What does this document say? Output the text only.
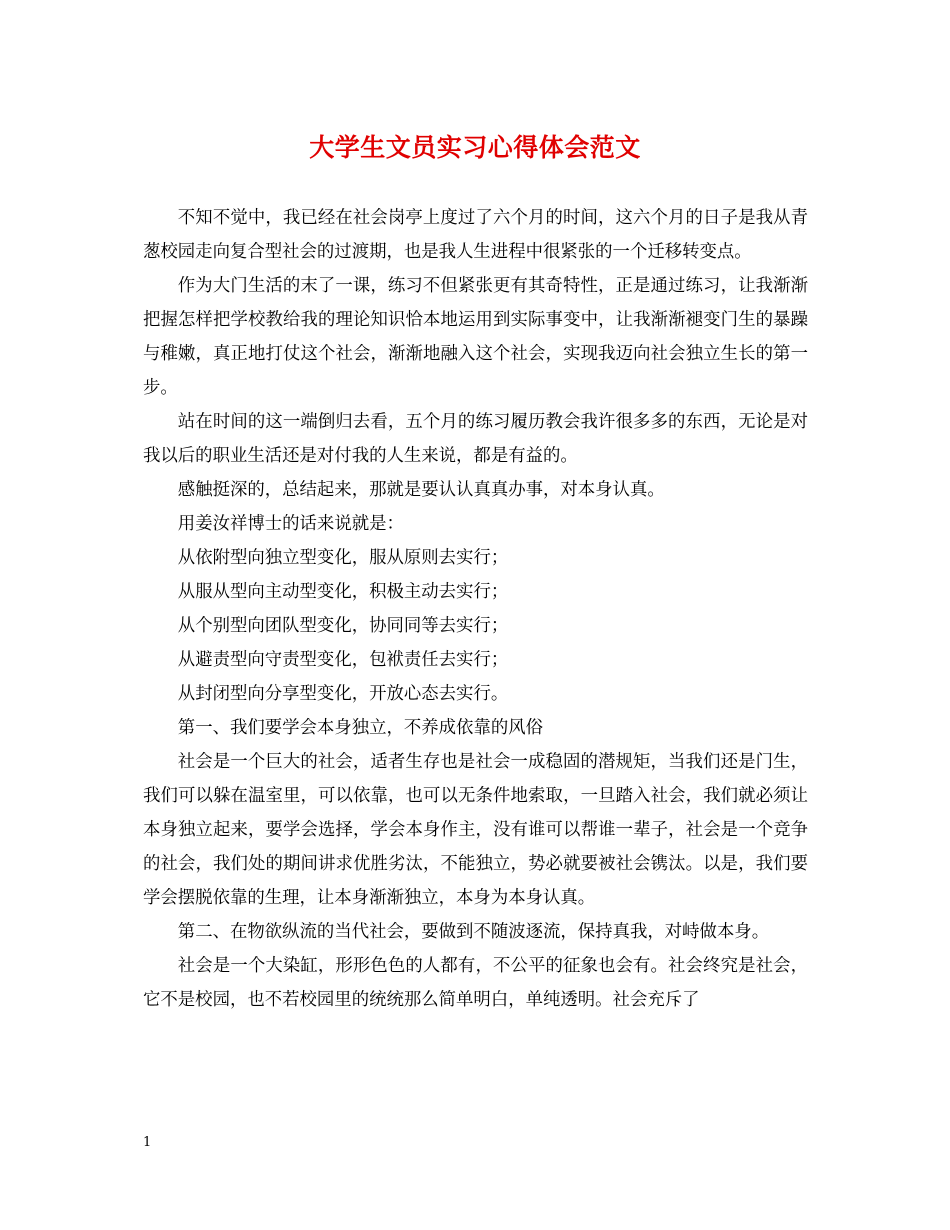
大学生文员实习心得体会范文

不知不觉中，我已经在社会岗亭上度过了六个月的时间，这六个月的日子是我从青葱校园走向复合型社会的过渡期，也是我人生进程中很紧张的一个迁移转变点。

作为大门生活的末了一课，练习不但紧张更有其奇特性，正是通过练习，让我渐渐把握怎样把学校教给我的理论知识恰本地运用到实际事变中，让我渐渐褪变门生的暴躁与稚嫩，真正地打仗这个社会，渐渐地融入这个社会，实现我迈向社会独立生长的第一步。

站在时间的这一端倒归去看，五个月的练习履历教会我许很多多的东西，无论是对我以后的职业生活还是对付我的人生来说，都是有益的。

感触挺深的，总结起来，那就是要认认真真办事，对本身认真。

用姜汝祥博士的话来说就是：

从依附型向独立型变化，服从原则去实行；

从服从型向主动型变化，积极主动去实行；

从个别型向团队型变化，协同同等去实行；

从避责型向守责型变化，包袱责任去实行；

从封闭型向分享型变化，开放心态去实行。

第一、我们要学会本身独立，不养成依靠的风俗

社会是一个巨大的社会，适者生存也是社会一成稳固的潜规矩，当我们还是门生，我们可以躲在温室里，可以依靠，也可以无条件地索取，一旦踏入社会，我们就必须让本身独立起来，要学会选择，学会本身作主，没有谁可以帮谁一辈子，社会是一个竞争的社会，我们处的期间讲求优胜劣汰，不能独立，势必就要被社会镌汰。以是，我们要学会摆脱依靠的生理，让本身渐渐独立，本身为本身认真。

第二、在物欲纵流的当代社会，要做到不随波逐流，保持真我，对峙做本身。

社会是一个大染缸，形形色色的人都有，不公平的征象也会有。社会终究是社会，它不是校园，也不若校园里的统统那么简单明白，单纯透明。社会充斥了

1
